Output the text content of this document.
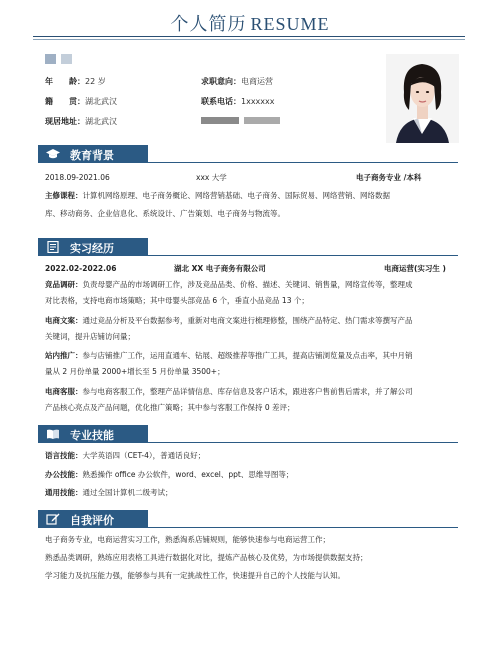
个人简历 RESUME
年　　龄：22 岁
籍　　贯：湖北武汉
现居地址：湖北武汉
求职意向：电商运营
联系电话：1xxxxxx
教育背景
2018.09-2021.06	xxx 大学	电子商务专业 /本科
主修课程：计算机网络原理、电子商务概论、网络营销基础、电子商务、国际贸易、网络营销、网络数据
库、移动商务、企业信息化、系统设计、广告策划、电子商务与物流等。
实习经历
2022.02-2022.06	湖北 XX 电子商务有限公司	电商运营(实习生 )
竞品调研：负责母婴产品的市场调研工作，涉及竞品品类、价格、描述、关键词、销售量，网络宣传等，整理成
对比表格，支持电商市场策略；其中母婴头部竞品 6 个，垂直小品竞品 13 个；
电商文案：通过竞品分析及平台数据参考，重新对电商文案进行梳理修整，围绕产品特定、热门需求等撰写产品
关键词，提升店铺访问量；
站内推广：参与店铺推广工作，运用直通车、钻展、超级推荐等推广工具，提高店铺浏览量及点击率，其中月销
量从 2 月份单量 2000+增长至 5 月份单量 3500+；
电商客服：参与电商客服工作，整理产品详情信息、库存信息及客户话术，跟进客户售前售后需求，并了解公司
产品核心亮点及产品问题，优化推广策略；其中参与客服工作保持 0 差评；
专业技能
语言技能：大学英语四（CET-4），普通话良好；
办公技能：熟悉操作 office 办公软件，word、excel、ppt、思维导图等；
通用技能：通过全国计算机二级考试；
自我评价
电子商务专业，电商运营实习工作，熟悉淘系店铺规则，能够快速参与电商运营工作；
熟悉品类调研，熟练应用表格工具进行数据化对比，提炼产品核心及优势，为市场提供数据支持；
学习能力及抗压能力强，能够参与具有一定挑战性工作，快速提升自己的个人技能与认知。
